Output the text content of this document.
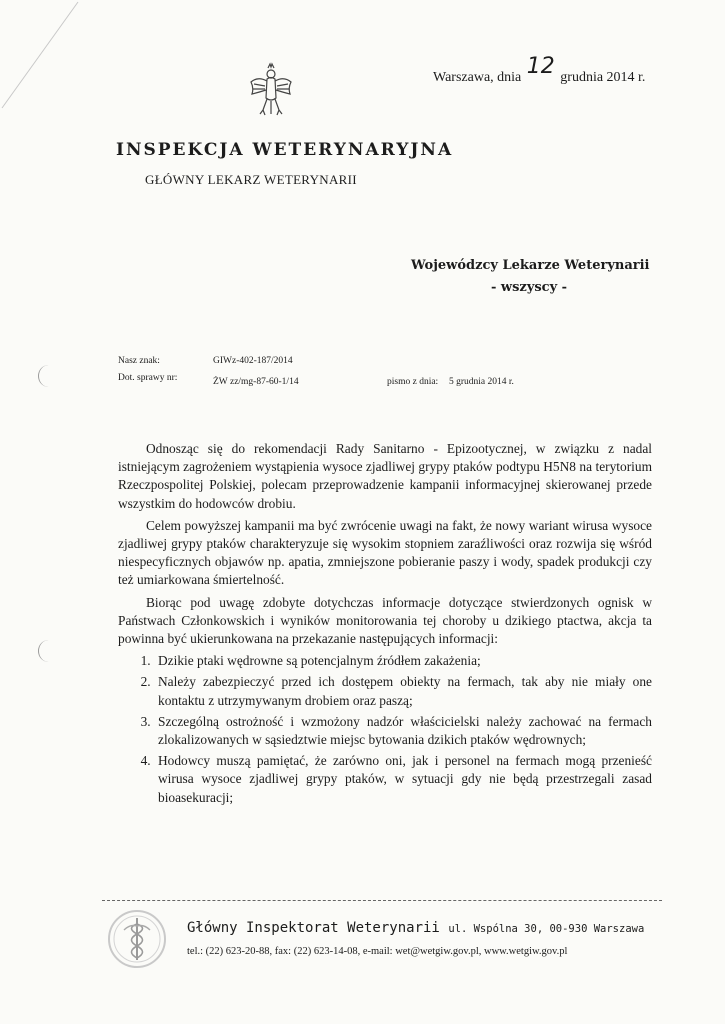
Warszawa, dnia 12 grudnia 2014 r.
INSPEKCJA WETERYNARYJNA
GŁÓWNY LEKARZ WETERYNARII
Wojewódzcy Lekarze Weterynarii
- wszyscy -
Nasz znak:	GIWz-402-187/2014
Dot. sprawy nr:	ŻW zz/mg-87-60-1/14	pismo z dnia: 5 grudnia 2014 r.

Odnosząc się do rekomendacji Rady Sanitarno - Epizootycznej, w związku z nadal istniejącym zagrożeniem wystąpienia wysoce zjadliwej grypy ptaków podtypu H5N8 na terytorium Rzeczpospolitej Polskiej, polecam przeprowadzenie kampanii informacyjnej skierowanej przede wszystkim do hodowców drobiu.

Celem powyższej kampanii ma być zwrócenie uwagi na fakt, że nowy wariant wirusa wysoce zjadliwej grypy ptaków charakteryzuje się wysokim stopniem zaraźliwości oraz rozwija się wśród niespecyficznych objawów np. apatia, zmniejszone pobieranie paszy i wody, spadek produkcji czy też umiarkowana śmiertelność.

Biorąc pod uwagę zdobyte dotychczas informacje dotyczące stwierdzonych ognisk w Państwach Członkowskich i wyników monitorowania tej choroby u dzikiego ptactwa, akcja ta powinna być ukierunkowana na przekazanie następujących informacji:

1. Dzikie ptaki wędrowne są potencjalnym źródłem zakażenia;
2. Należy zabezpieczyć przed ich dostępem obiekty na fermach, tak aby nie miały one kontaktu z utrzymywanym drobiem oraz paszą;
3. Szczególną ostrożność i wzmożony nadzór właścicielski należy zachować na fermach zlokalizowanych w sąsiedztwie miejsc bytowania dzikich ptaków wędrownych;
4. Hodowcy muszą pamiętać, że zarówno oni, jak i personel na fermach mogą przenieść wirusa wysoce zjadliwej grypy ptaków, w sytuacji gdy nie będą przestrzegali zasad bioasekuracji;
Główny Inspektorat Weterynarii ul. Wspólna 30, 00-930 Warszawa
tel.: (22) 623-20-88, fax: (22) 623-14-08, e-mail: wet@wetgiw.gov.pl, www.wetgiw.gov.pl
